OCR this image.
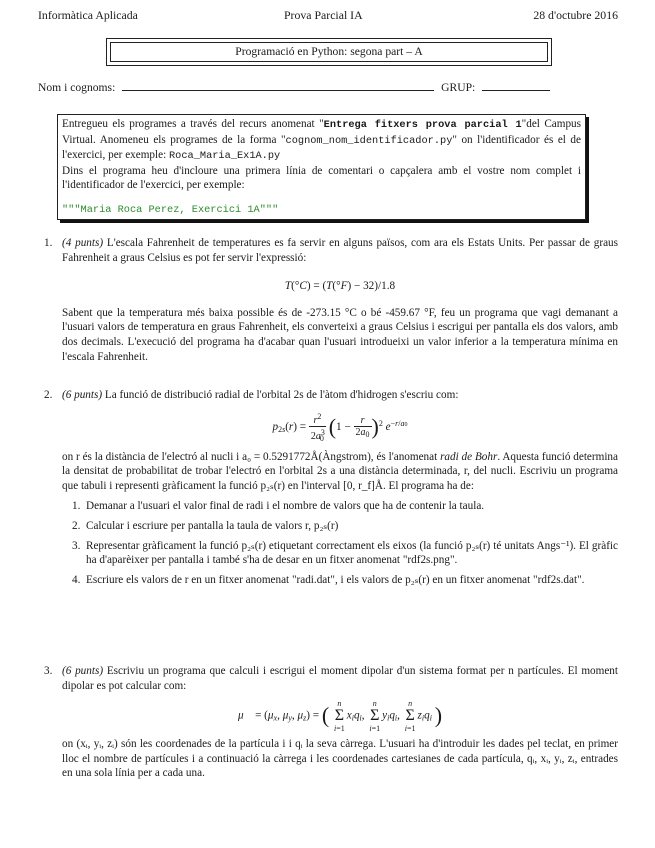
Informàtica Aplicada	Prova Parcial IA	28 d'octubre 2016
Programació en Python: segona part – A
Nom i cognoms:	GRUP:

Entregueu els programes a través del recurs anomenat "Entrega fitxers prova parcial 1"del Campus Virtual. Anomeneu els programes de la forma "cognom_nom_identificador.py" on l'identificador és el de l'exercici, per exemple: Roca_Maria_Ex1A.py

Dins el programa heu d'incloure una primera línia de comentari o capçalera amb el vostre nom complet i l'identificador de l'exercici, per exemple:

"""Maria Roca Perez, Exercici 1A"""

1. (4 punts) L'escala Fahrenheit de temperatures es fa servir en alguns països, com ara els Estats Units. Per passar de graus Fahrenheit a graus Celsius es pot fer servir l'expressió:

T(°C) = (T(°F) − 32)/1.8

Sabent que la temperatura més baixa possible és de -273.15 °C o bé -459.67 °F, feu un programa que vagi demanant a l'usuari valors de temperatura en graus Fahrenheit, els converteixi a graus Celsius i escrigui per pantalla els dos valors, amb dos decimals. L'execució del programa ha d'acabar quan l'usuari introdueixi un valor inferior a la temperatura mínima en l'escala Fahrenheit.

2. (6 punts) La funció de distribució radial de l'orbital 2s de l'àtom d'hidrogen s'escriu com:

$p_{2s}(r) = \frac{r^2}{2a^3_0} (1 - \frac{r}{2a_0} )^2$ $e^{-r/a0}$

on r és la distància de l'electró al nucli i a₀ = 0.5291772Å(Àngstrom), és l'anomenat radi de Bohr. Aquesta funció determina la densitat de probabilitat de trobar l'electró en l'orbital 2s a una distància determinada, r, del nucli. Escriviu un programa que tabuli i representi gràficament la funció p₂ₛ(r) en l'interval [0, r_f]Å. El programa ha de:

1. Demanar a l'usuari el valor final de radi i el nombre de valors que ha de contenir la taula.
2. Calcular i escriure per pantalla la taula de valors r, p₂ₛ(r)
3. Representar gràficament la funció p₂ₛ(r) etiquetant correctament els eixos (la funció p₂ₛ(r) té unitats Angs⁻¹). El gràfic ha d'aparèixer per pantalla i també s'ha de desar en un fitxer anomenat "rdf2s.png".
4. Escriure els valors de r en un fitxer anomenat "radi.dat", i els valors de p₂ₛ(r) en un fitxer anomenat "rdf2s.dat".
3. (6 punts) Escriviu un programa que calculi i escrigui el moment dipolar d'un sistema format per n partícules. El moment dipolar es pot calcular com:

μ⃗ = ($\mu_x$, $\mu_y$, $\mu_z$) = ( n
Σ
$i=1x_iq_i$, n
Σ
$i=1y_iq_i$, n
Σ
$i=1z_iq_i$ )

on (xᵢ, yᵢ, zᵢ) són les coordenades de la partícula i i qᵢ la seva càrrega. L'usuari ha d'introduir les dades pel teclat, en primer lloc el nombre de partícules i a continuació la càrrega i les coordenades cartesianes de cada partícula, qᵢ, xᵢ, yᵢ, zᵢ, entrades en una sola línia per a cada una.
